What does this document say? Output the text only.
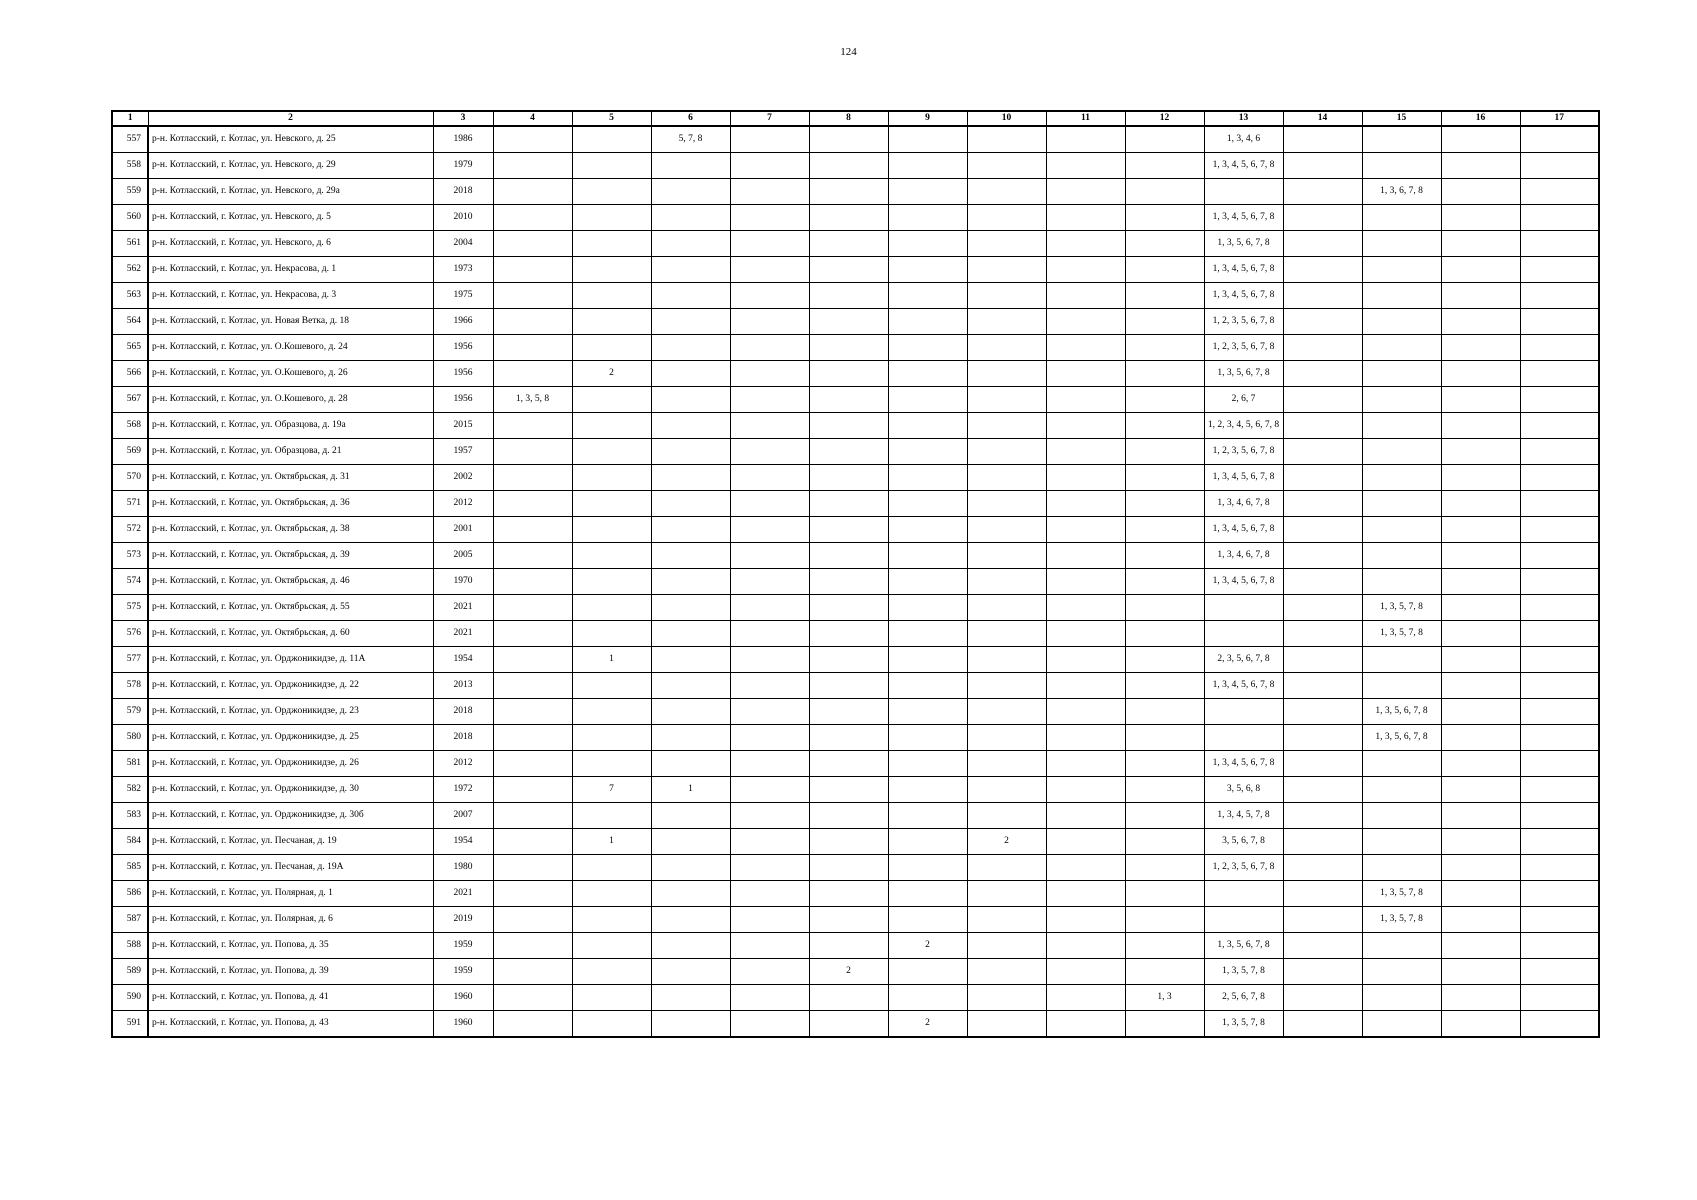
124
1	2	3	4	5	6	7	8	9	10	11	12	13	14	15	16	17
557	р-н. Котласский, г. Котлас, ул. Невского, д. 25	1986			5, 7, 8							1, 3, 4, 6				
558	р-н. Котласский, г. Котлас, ул. Невского, д. 29	1979										1, 3, 4, 5, 6, 7, 8				
559	р-н. Котласский, г. Котлас, ул. Невского, д. 29а	2018												1, 3, 6, 7, 8		
560	р-н. Котласский, г. Котлас, ул. Невского, д. 5	2010										1, 3, 4, 5, 6, 7, 8				
561	р-н. Котласский, г. Котлас, ул. Невского, д. 6	2004										1, 3, 5, 6, 7, 8				
562	р-н. Котласский, г. Котлас, ул. Некрасова, д. 1	1973										1, 3, 4, 5, 6, 7, 8				
563	р-н. Котласский, г. Котлас, ул. Некрасова, д. 3	1975										1, 3, 4, 5, 6, 7, 8				
564	р-н. Котласский, г. Котлас, ул. Новая Ветка, д. 18	1966										1, 2, 3, 5, 6, 7, 8				
565	р-н. Котласский, г. Котлас, ул. О.Кошевого, д. 24	1956										1, 2, 3, 5, 6, 7, 8				
566	р-н. Котласский, г. Котлас, ул. О.Кошевого, д. 26	1956		2								1, 3, 5, 6, 7, 8				
567	р-н. Котласский, г. Котлас, ул. О.Кошевого, д. 28	1956	1, 3, 5, 8									2, 6, 7				
568	р-н. Котласский, г. Котлас, ул. Образцова, д. 19а	2015										1, 2, 3, 4, 5, 6, 7, 8				
569	р-н. Котласский, г. Котлас, ул. Образцова, д. 21	1957										1, 2, 3, 5, 6, 7, 8				
570	р-н. Котласский, г. Котлас, ул. Октябрьская, д. 31	2002										1, 3, 4, 5, 6, 7, 8				
571	р-н. Котласский, г. Котлас, ул. Октябрьская, д. 36	2012										1, 3, 4, 6, 7, 8				
572	р-н. Котласский, г. Котлас, ул. Октябрьская, д. 38	2001										1, 3, 4, 5, 6, 7, 8				
573	р-н. Котласский, г. Котлас, ул. Октябрьская, д. 39	2005										1, 3, 4, 6, 7, 8				
574	р-н. Котласский, г. Котлас, ул. Октябрьская, д. 46	1970										1, 3, 4, 5, 6, 7, 8				
575	р-н. Котласский, г. Котлас, ул. Октябрьская, д. 55	2021												1, 3, 5, 7, 8		
576	р-н. Котласский, г. Котлас, ул. Октябрьская, д. 60	2021												1, 3, 5, 7, 8		
577	р-н. Котласский, г. Котлас, ул. Орджоникидзе, д. 11А	1954		1								2, 3, 5, 6, 7, 8				
578	р-н. Котласский, г. Котлас, ул. Орджоникидзе, д. 22	2013										1, 3, 4, 5, 6, 7, 8				
579	р-н. Котласский, г. Котлас, ул. Орджоникидзе, д. 23	2018												1, 3, 5, 6, 7, 8		
580	р-н. Котласский, г. Котлас, ул. Орджоникидзе, д. 25	2018												1, 3, 5, 6, 7, 8		
581	р-н. Котласский, г. Котлас, ул. Орджоникидзе, д. 26	2012										1, 3, 4, 5, 6, 7, 8				
582	р-н. Котласский, г. Котлас, ул. Орджоникидзе, д. 30	1972		7	1							3, 5, 6, 8				
583	р-н. Котласский, г. Котлас, ул. Орджоникидзе, д. 30б	2007										1, 3, 4, 5, 7, 8				
584	р-н. Котласский, г. Котлас, ул. Песчаная, д. 19	1954		1					2			3, 5, 6, 7, 8				
585	р-н. Котласский, г. Котлас, ул. Песчаная, д. 19А	1980										1, 2, 3, 5, 6, 7, 8				
586	р-н. Котласский, г. Котлас, ул. Полярная, д. 1	2021												1, 3, 5, 7, 8		
587	р-н. Котласский, г. Котлас, ул. Полярная, д. 6	2019												1, 3, 5, 7, 8		
588	р-н. Котласский, г. Котлас, ул. Попова, д. 35	1959						2				1, 3, 5, 6, 7, 8				
589	р-н. Котласский, г. Котлас, ул. Попова, д. 39	1959					2					1, 3, 5, 7, 8				
590	р-н. Котласский, г. Котлас, ул. Попова, д. 41	1960									1, 3	2, 5, 6, 7, 8				
591	р-н. Котласский, г. Котлас, ул. Попова, д. 43	1960						2				1, 3, 5, 7, 8				
